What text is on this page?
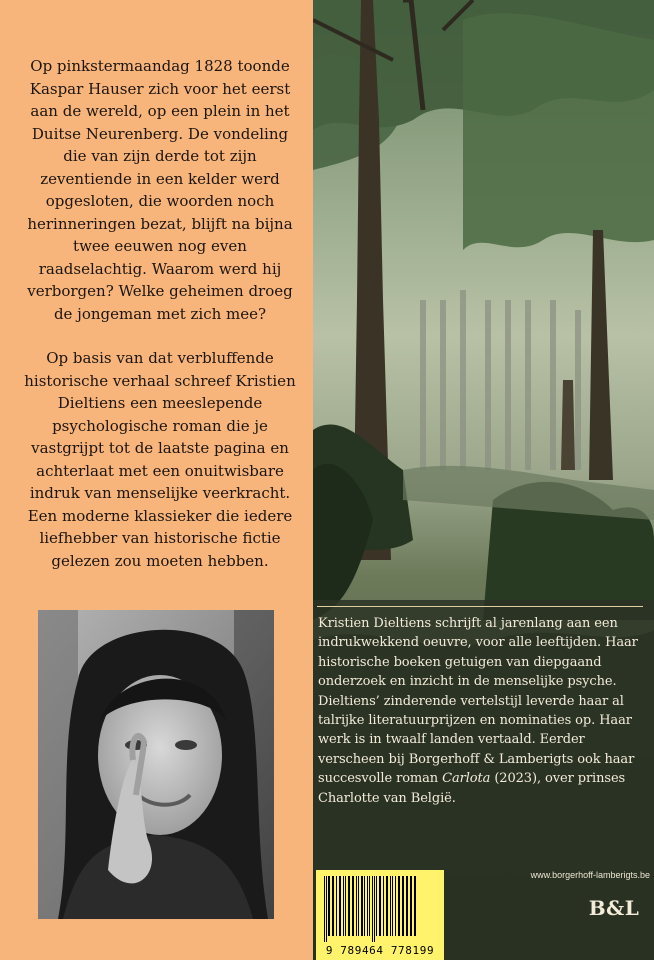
Op pinkstermaandag 1828 toonde Kaspar Hauser zich voor het eerst aan de wereld, op een plein in het Duitse Neurenberg. De vondeling die van zijn derde tot zijn zeventiende in een kelder werd opgesloten, die woorden noch herinneringen bezat, blijft na bijna twee eeuwen nog even raadselachtig. Waarom werd hij verborgen? Welke geheimen droeg de jongeman met zich mee?

Op basis van dat verbluffende historische verhaal schreef Kristien Dieltiens een meeslepende psychologische roman die je vastgrijpt tot de laatste pagina en achterlaat met een onuitwisbare indruk van menselijke veerkracht. Een moderne klassieker die iedere liefhebber van historische fictie gelezen zou moeten hebben.

Kristien Dieltiens schrijft al jarenlang aan een indrukwekkend oeuvre, voor alle leeftijden. Haar historische boeken getuigen van diepgaand onderzoek en inzicht in de menselijke psyche. Dieltiens’ zinderende vertelstijl leverde haar al talrijke literatuurprijzen en nominaties op. Haar werk is in twaalf landen vertaald. Eerder verscheen bij Borgerhoff & Lamberigts ook haar succesvolle roman Carlota (2023), over prinses Charlotte van België.
www.borgerhoff-lamberigts.be
B&L
9 789464 778199
